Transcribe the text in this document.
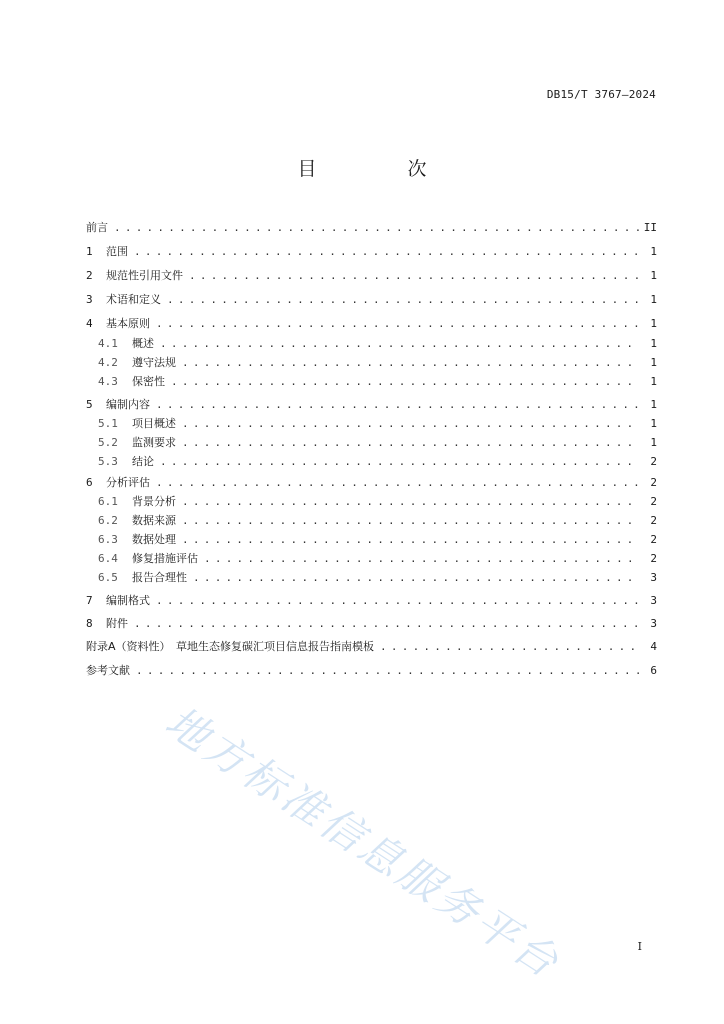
DB15/T 3767—2024
目　次
前言 . . .	II
1	范围 . . .	1
2	规范性引用文件 . . .	1
3	术语和定义 . . .	1
4	基本原则 . . .	1
4.1	概述 . . .	1
4.2	遵守法规 . . .	1
4.3	保密性 . . .	1
5	编制内容 . . .	1
5.1	项目概述 . . .	1
5.2	监测要求 . . .	1
5.3	结论 . . .	2
6	分析评估 . . .	2
6.1	背景分析 . . .	2
6.2	数据来源 . . .	2
6.3	数据处理 . . .	2
6.4	修复措施评估 . . .	2
6.5	报告合理性 . . .	3
7	编制格式 . . .	3
8	附件 . . .	3
附录A（资料性）　草地生态修复碳汇项目信息报告指南模板 . . .	4
参考文献 . . .	6
地方标准信息服务平台	I
